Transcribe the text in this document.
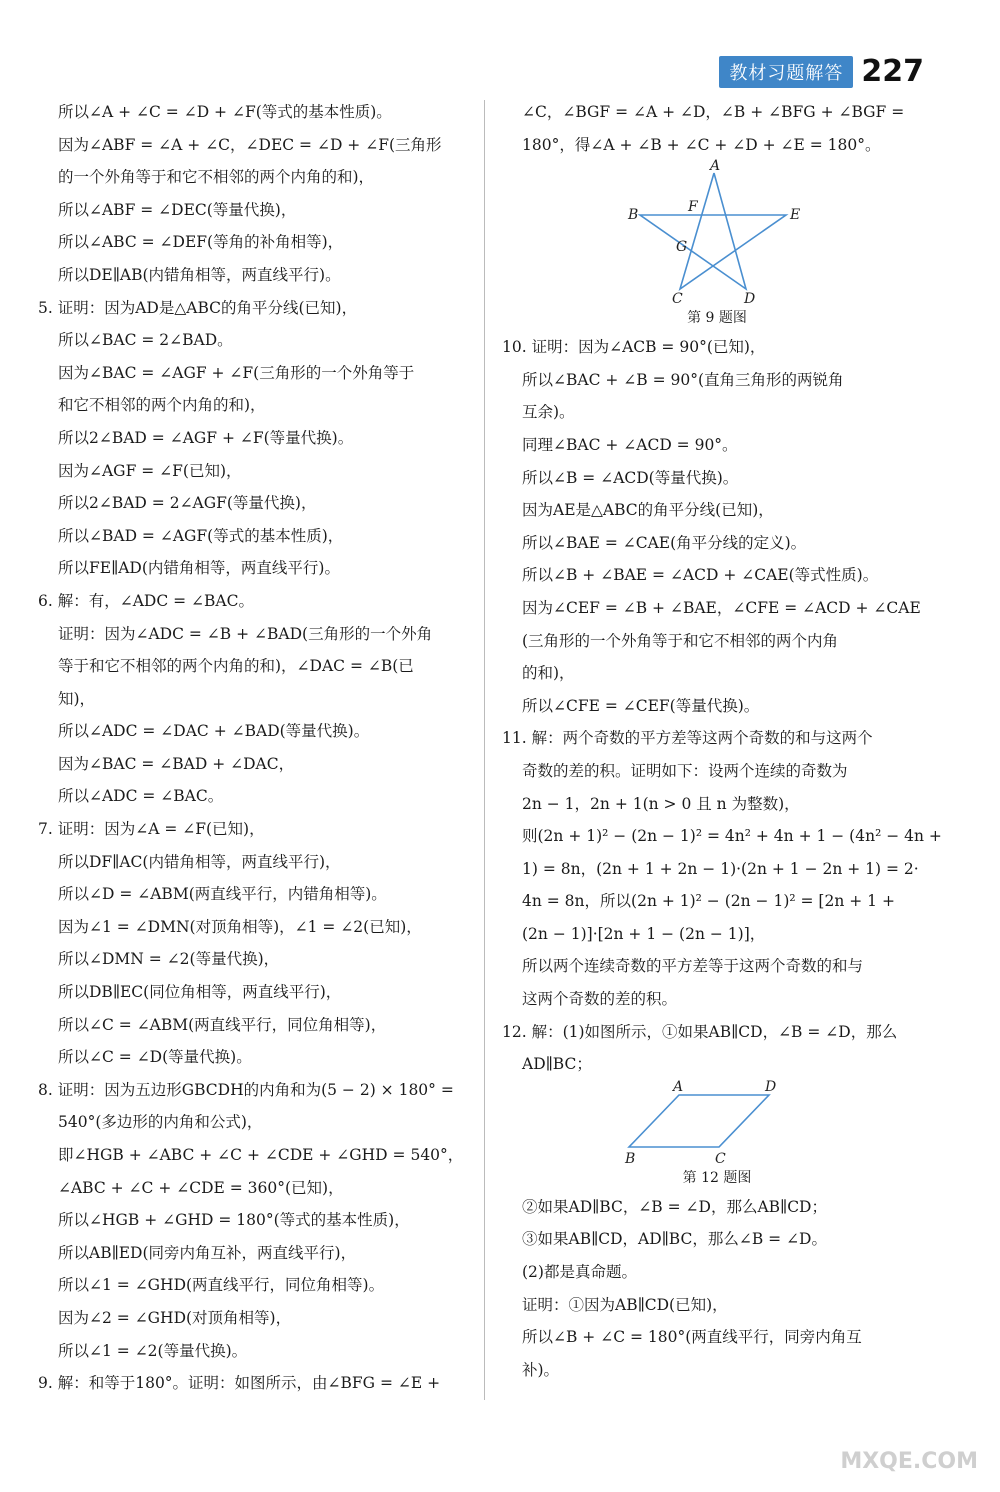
教材习题解答 227
所以∠A + ∠C = ∠D + ∠F(等式的基本性质)。
因为∠ABF = ∠A + ∠C，∠DEC = ∠D + ∠F(三角形
的一个外角等于和它不相邻的两个内角的和)，
所以∠ABF = ∠DEC(等量代换)，
所以∠ABC = ∠DEF(等角的补角相等)，
所以DE∥AB(内错角相等，两直线平行)。
5. 证明：因为AD是△ABC的角平分线(已知)，
所以∠BAC = 2∠BAD。
因为∠BAC = ∠AGF + ∠F(三角形的一个外角等于
和它不相邻的两个内角的和)，
所以2∠BAD = ∠AGF + ∠F(等量代换)。
因为∠AGF = ∠F(已知)，
所以2∠BAD = 2∠AGF(等量代换)，
所以∠BAD = ∠AGF(等式的基本性质)，
所以FE∥AD(内错角相等，两直线平行)。
6. 解：有，∠ADC = ∠BAC。
证明：因为∠ADC = ∠B + ∠BAD(三角形的一个外角
等于和它不相邻的两个内角的和)，∠DAC = ∠B(已
知)，
所以∠ADC = ∠DAC + ∠BAD(等量代换)。
因为∠BAC = ∠BAD + ∠DAC，
所以∠ADC = ∠BAC。
7. 证明：因为∠A = ∠F(已知)，
所以DF∥AC(内错角相等，两直线平行)，
所以∠D = ∠ABM(两直线平行，内错角相等)。
因为∠1 = ∠DMN(对顶角相等)，∠1 = ∠2(已知)，
所以∠DMN = ∠2(等量代换)，
所以DB∥EC(同位角相等，两直线平行)，
所以∠C = ∠ABM(两直线平行，同位角相等)，
所以∠C = ∠D(等量代换)。
8. 证明：因为五边形GBCDH的内角和为(5 − 2) × 180° =
540°(多边形的内角和公式)，
即∠HGB + ∠ABC + ∠C + ∠CDE + ∠GHD = 540°，
∠ABC + ∠C + ∠CDE = 360°(已知)，
所以∠HGB + ∠GHD = 180°(等式的基本性质)，
所以AB∥ED(同旁内角互补，两直线平行)，
所以∠1 = ∠GHD(两直线平行，同位角相等)。
因为∠2 = ∠GHD(对顶角相等)，
所以∠1 = ∠2(等量代换)。
9. 解：和等于180°。证明：如图所示，由∠BFG = ∠E +
∠C，∠BGF = ∠A + ∠D，∠B + ∠BFG + ∠BGF =
180°，得∠A + ∠B + ∠C + ∠D + ∠E = 180°。
A
B	E
F
G
C	D
第 9 题图
10. 证明：因为∠ACB = 90°(已知)，
所以∠BAC + ∠B = 90°(直角三角形的两锐角
互余)。
同理∠BAC + ∠ACD = 90°。
所以∠B = ∠ACD(等量代换)。
因为AE是△ABC的角平分线(已知)，
所以∠BAE = ∠CAE(角平分线的定义)。
所以∠B + ∠BAE = ∠ACD + ∠CAE(等式性质)。
因为∠CEF = ∠B + ∠BAE，∠CFE = ∠ACD + ∠CAE
(三角形的一个外角等于和它不相邻的两个内角
的和)，
所以∠CFE = ∠CEF(等量代换)。
11. 解：两个奇数的平方差等这两个奇数的和与这两个
奇数的差的积。证明如下：设两个连续的奇数为
2n − 1，2n + 1(n > 0 且 n 为整数)，
则(2n + 1)² − (2n − 1)² = 4n² + 4n + 1 − (4n² − 4n +
1) = 8n，(2n + 1 + 2n − 1)·(2n + 1 − 2n + 1) = 2·
4n = 8n，所以(2n + 1)² − (2n − 1)² = [2n + 1 +
(2n − 1)]·[2n + 1 − (2n − 1)]，
所以两个连续奇数的平方差等于这两个奇数的和与
这两个奇数的差的积。
12. 解：(1)如图所示，①如果AB∥CD，∠B = ∠D，那么
AD∥BC；
A	D
B	C
第 12 题图
②如果AD∥BC，∠B = ∠D，那么AB∥CD；
③如果AB∥CD，AD∥BC，那么∠B = ∠D。
(2)都是真命题。
证明：①因为AB∥CD(已知)，
所以∠B + ∠C = 180°(两直线平行，同旁内角互
补)。
MXQE.COM
